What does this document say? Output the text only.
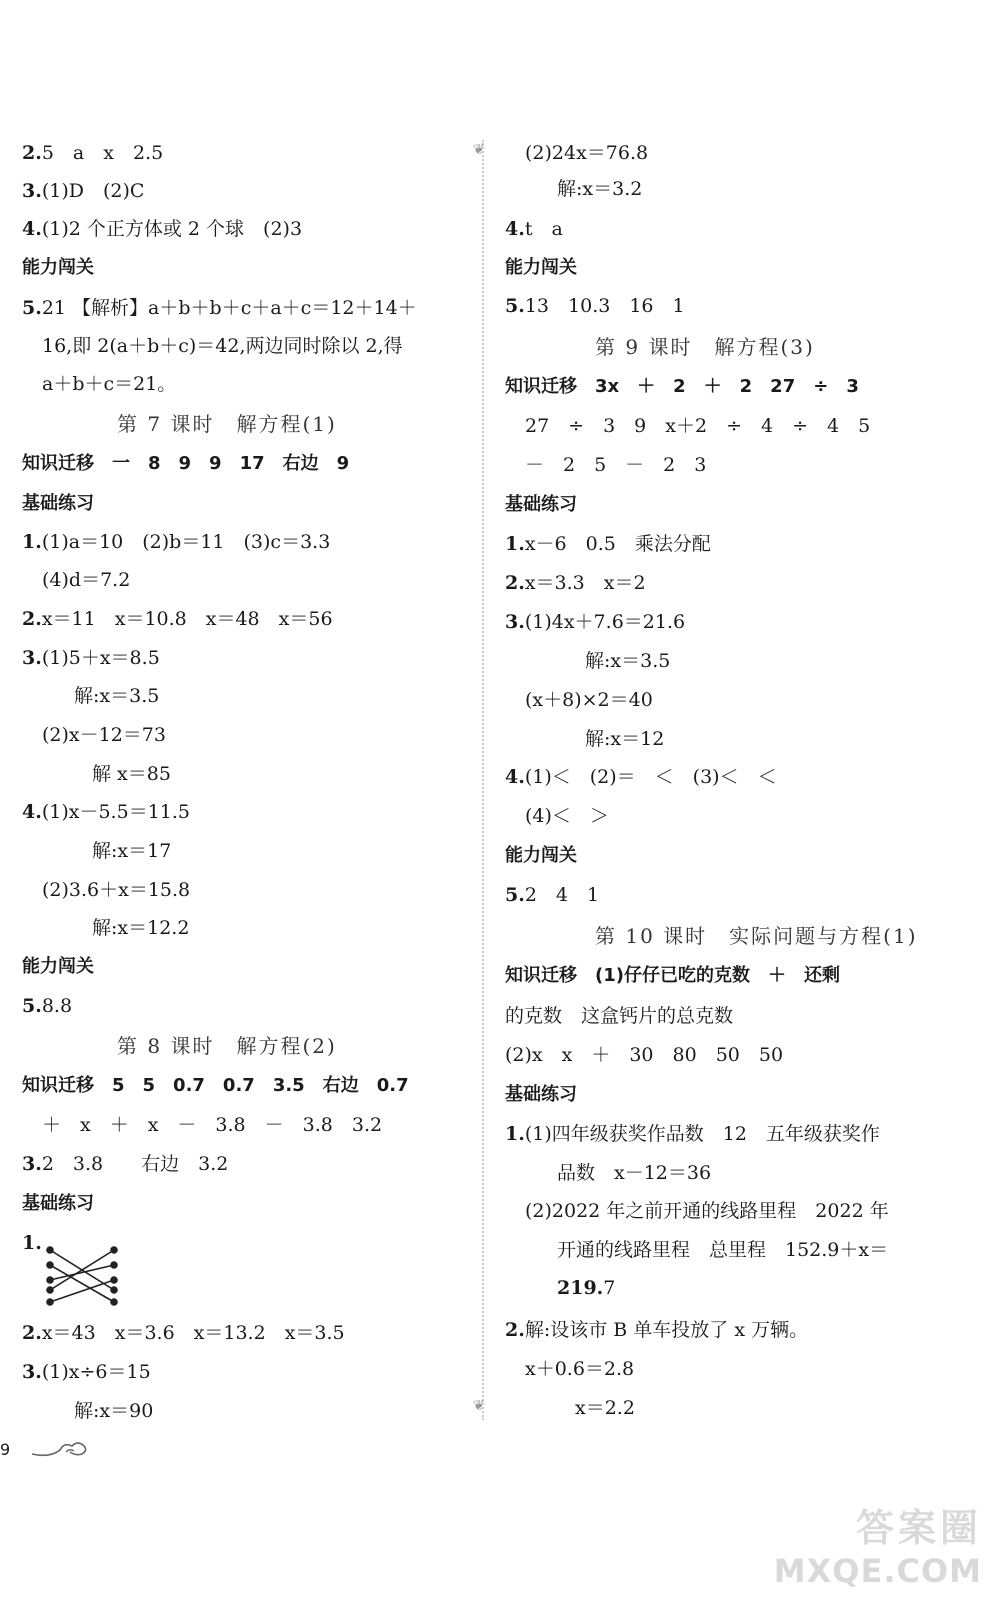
2.5　a　x　2.5
3.(1)D　(2)C
4.(1)2 个正方体或 2 个球　(2)3
能力闯关
5.21 【解析】a＋b＋b＋c＋a＋c＝12＋14＋
16,即 2(a＋b＋c)＝42,两边同时除以 2,得
a＋b＋c＝21。
第 7 课时　解方程(1)
知识迁移　一　8　9　9　17　右边　9
基础练习
1.(1)a＝10　(2)b＝11　(3)c＝3.3
(4)d＝7.2
2.x＝11　x＝10.8　x＝48　x＝56
3.(1)5＋x＝8.5
解:x＝3.5
(2)x－12＝73
解 x＝85
4.(1)x－5.5＝11.5
解:x＝17
(2)3.6＋x＝15.8
解:x＝12.2
能力闯关
5.8.8
第 8 课时　解方程(2)
知识迁移　5　5　0.7　0.7　3.5　右边　0.7
＋　x　＋　x　－　3.8　－　3.8　3.2
3.2　3.8　　右边　3.2
基础练习
1.
2.x＝43　x＝3.6　x＝13.2　x＝3.5
3.(1)x÷6＝15
解:x＝90
(2)24x＝76.8
解:x＝3.2
4.t　a
能力闯关
5.13　10.3　16　1
第 9 课时　解方程(3)
知识迁移　3x　＋　2　＋　2　27　÷　3
27　÷　3　9　x＋2　÷　4　÷　4　5
－　2　5　－　2　3
基础练习
1.x－6　0.5　乘法分配
2.x＝3.3　x＝2
3.(1)4x＋7.6＝21.6
解:x＝3.5
(x＋8)×2＝40
解:x＝12
4.(1)＜　(2)＝　＜　(3)＜　＜
(4)＜　＞
能力闯关
5.2　4　1
第 10 课时　实际问题与方程(1)
知识迁移　(1)仔仔已吃的克数　＋　还剩
的克数　这盒钙片的总克数
(2)x　x　＋　30　80　50　50
基础练习
1.(1)四年级获奖作品数　12　五年级获奖作
品数　x－12＝36
(2)2022 年之前开通的线路里程　2022 年
开通的线路里程　总里程　152.9＋x＝
219.7
2.解:设该市 B 单车投放了 x 万辆。
x＋0.6＝2.8
x＝2.2
❦
❦
9
答案圈
MXQE.COM
